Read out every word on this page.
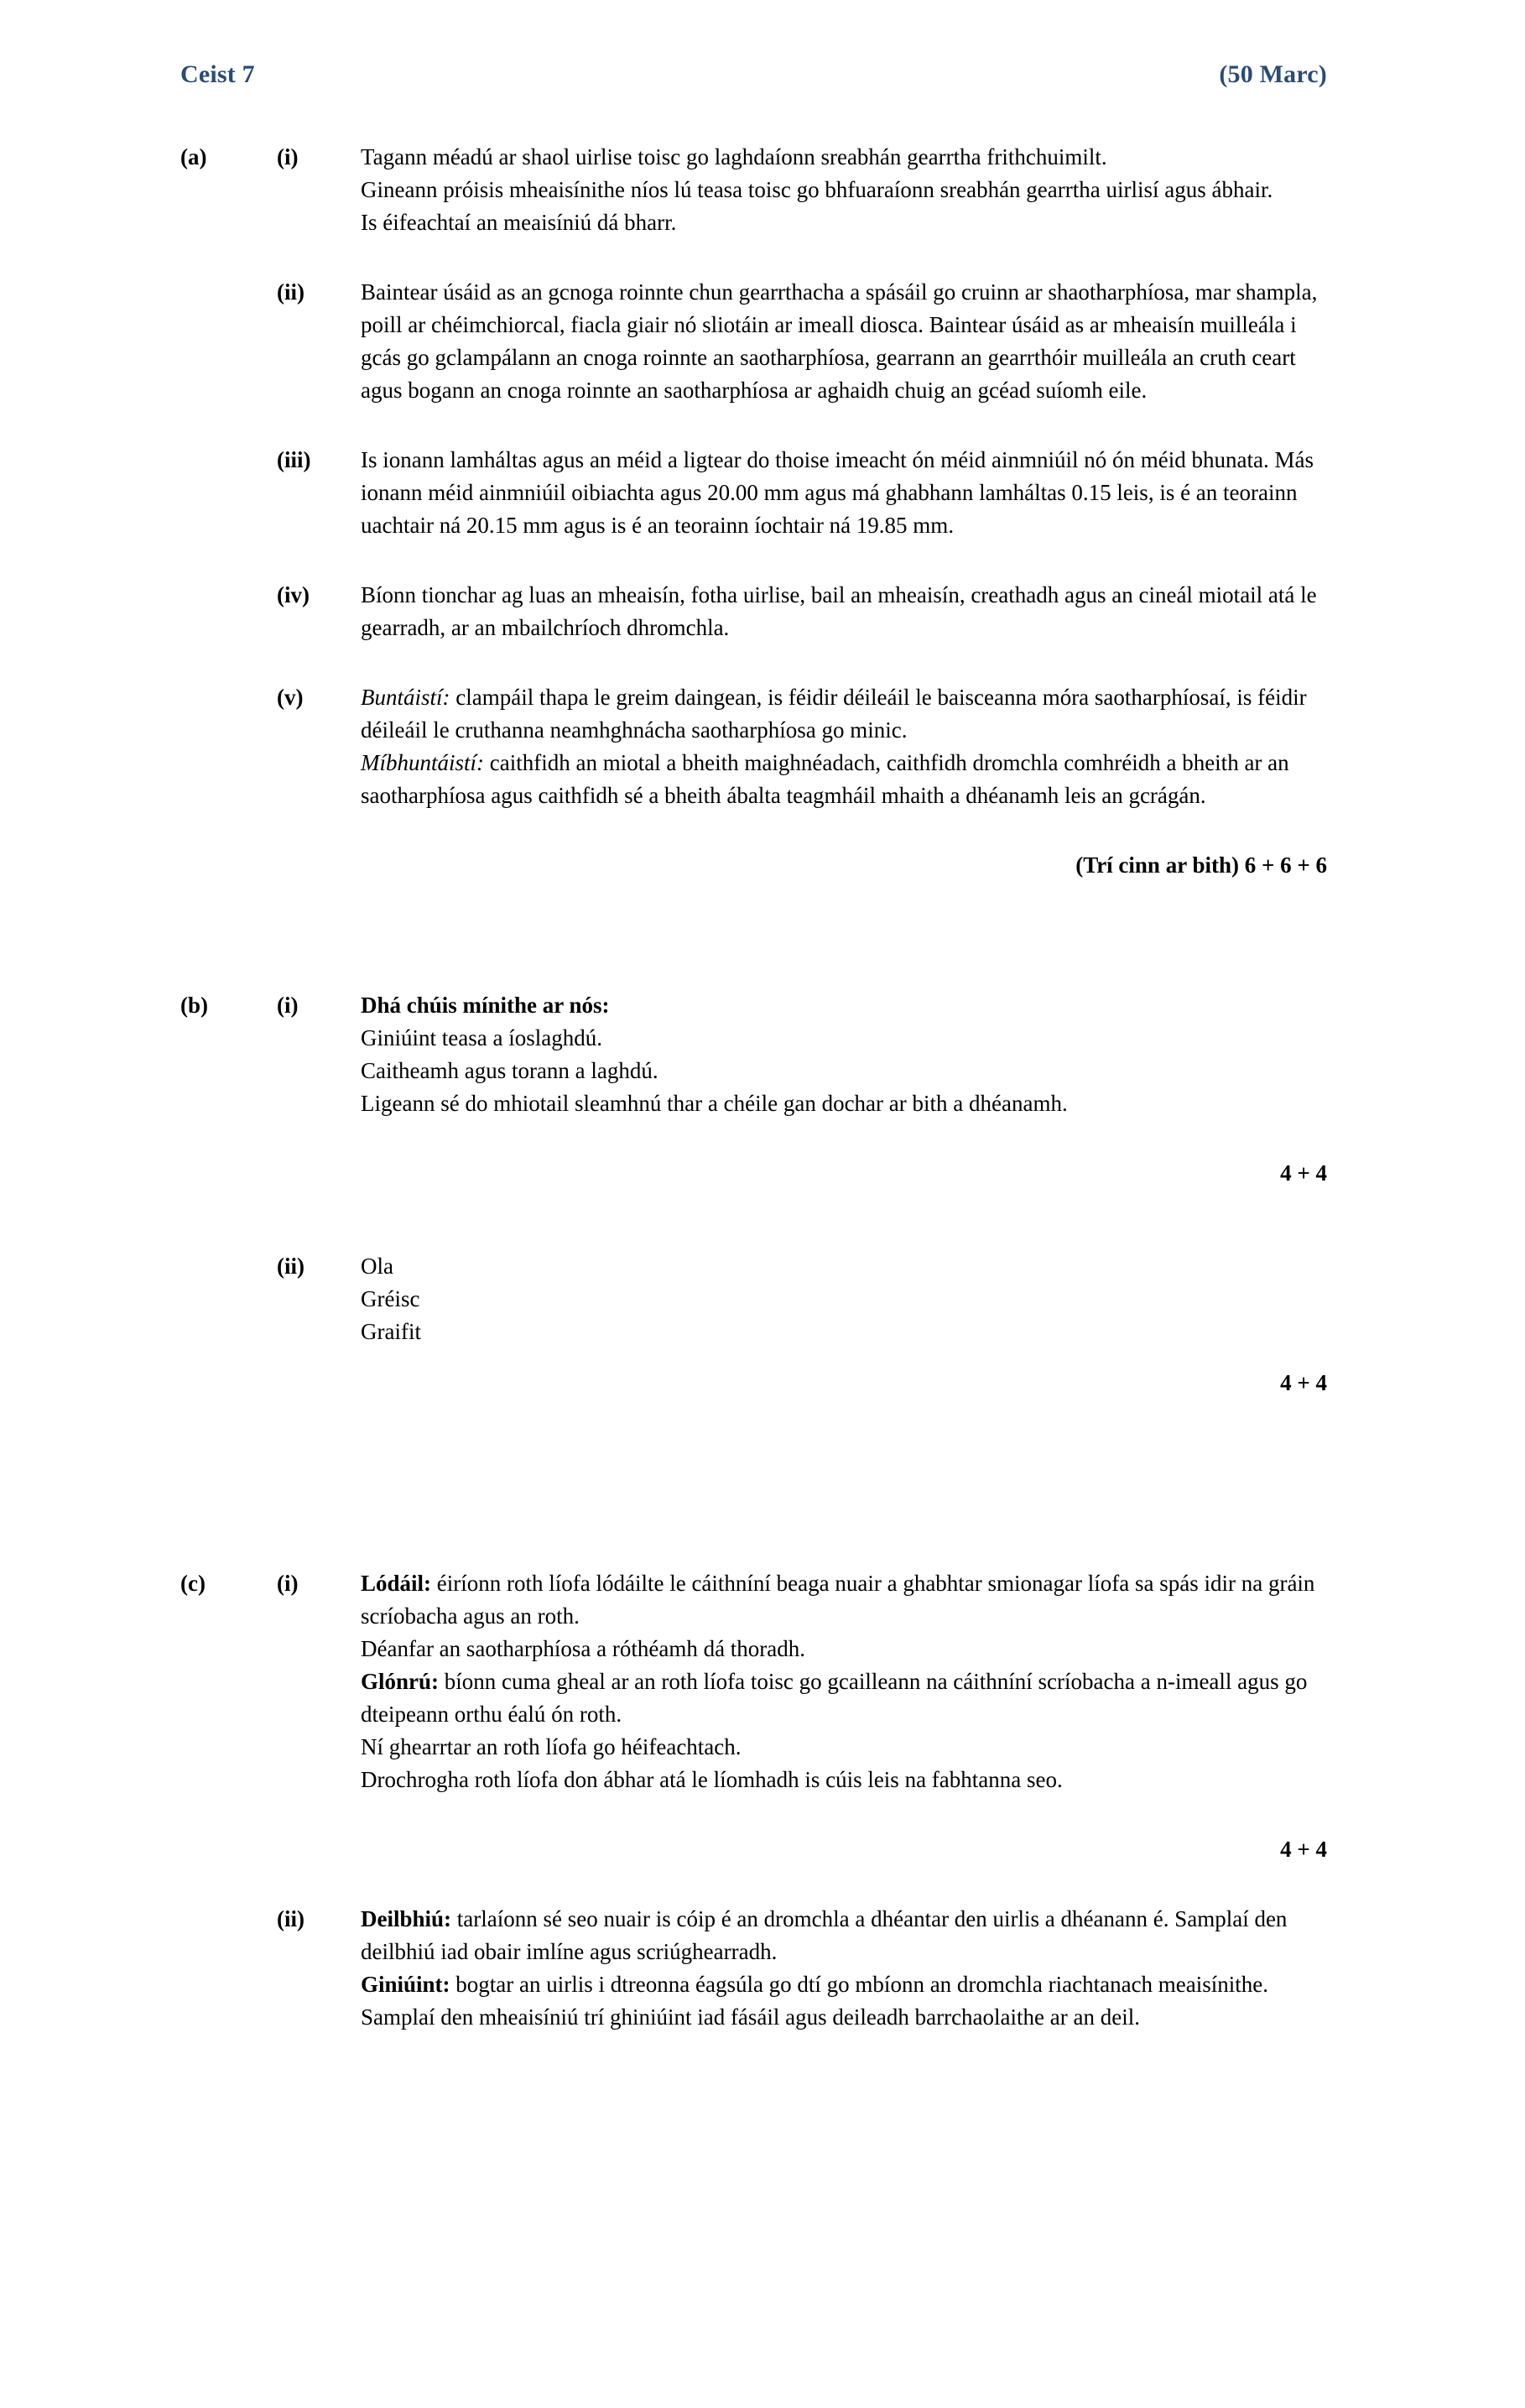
Ceist 7	(50 Marc)
(a)	(i)	Tagann méadú ar shaol uirlise toisc go laghdaíonn sreabhán gearrtha frithchuimilt.

Gineann próisis mheaisínithe níos lú teasa toisc go bhfuaraíonn sreabhán gearrtha uirlisí agus ábhair.

Is éifeachtaí an meaisíniú dá bharr.

(ii)	Baintear úsáid as an gcnoga roinnte chun gearrthacha a spásáil go cruinn ar shaotharphíosa, mar shampla, poill ar chéimchiorcal, fiacla giair nó sliotáin ar imeall diosca. Baintear úsáid as ar mheaisín muilleála i gcás go gclampálann an cnoga roinnte an saotharphíosa, gearrann an gearrthóir muilleála an cruth ceart agus bogann an cnoga roinnte an saotharphíosa ar aghaidh chuig an gcéad suíomh eile.

(iii)	Is ionann lamháltas agus an méid a ligtear do thoise imeacht ón méid ainmniúil nó ón méid bhunata. Más ionann méid ainmniúil oibiachta agus 20.00 mm agus má ghabhann lamháltas 0.15 leis, is é an teorainn uachtair ná 20.15 mm agus is é an teorainn íochtair ná 19.85 mm.

(iv)	Bíonn tionchar ag luas an mheaisín, fotha uirlise, bail an mheaisín, creathadh agus an cineál miotail atá le gearradh, ar an mbailchríoch dhromchla.

(v)	Buntáistí: clampáil thapa le greim daingean, is féidir déileáil le baisceanna móra saotharphíosaí, is féidir déileáil le cruthanna neamhghnácha saotharphíosa go minic.

Míbhuntáistí: caithfidh an miotal a bheith maighnéadach, caithfidh dromchla comhréidh a bheith ar an saotharphíosa agus caithfidh sé a bheith ábalta teagmháil mhaith a dhéanamh leis an gcrágán.

(Trí cinn ar bith) 6 + 6 + 6
(b)	(i)	Dhá chúis mínithe ar nós:

Giniúint teasa a íoslaghdú.

Caitheamh agus torann a laghdú.

Ligeann sé do mhiotail sleamhnú thar a chéile gan dochar ar bith a dhéanamh.

4 + 4
(ii)	Ola

Gréisc

Graifit

4 + 4
(c)	(i)	Lódáil: éiríonn roth líofa lódáilte le cáithníní beaga nuair a ghabhtar smionagar líofa sa spás idir na gráin scríobacha agus an roth.

Déanfar an saotharphíosa a róthéamh dá thoradh.

Glónrú: bíonn cuma gheal ar an roth líofa toisc go gcailleann na cáithníní scríobacha a n-imeall agus go dteipeann orthu éalú ón roth.

Ní ghearrtar an roth líofa go héifeachtach.

Drochrogha roth líofa don ábhar atá le líomhadh is cúis leis na fabhtanna seo.

4 + 4
(ii)	Deilbhiú: tarlaíonn sé seo nuair is cóip é an dromchla a dhéantar den uirlis a dhéanann é. Samplaí den deilbhiú iad obair imlíne agus scriúghearradh.

Giniúint: bogtar an uirlis i dtreonna éagsúla go dtí go mbíonn an dromchla riachtanach meaisínithe. Samplaí den mheaisíniú trí ghiniúint iad fásáil agus deileadh barrchaolaithe ar an deil.
